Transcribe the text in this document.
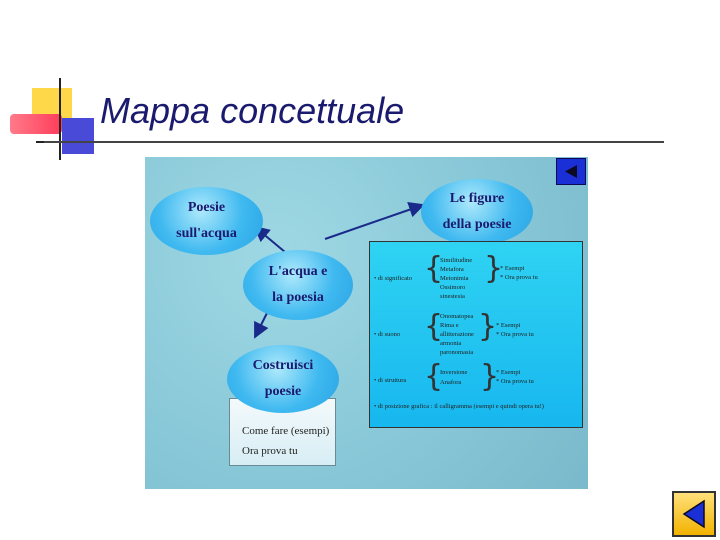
Mappa concettuale
Poesie
sull'acqua
Le figure
della poesie
L'acqua e
la poesia
Come fare (esempi)
Ora prova tu
Costruisci
poesie
• di significato {
Similitudine
Metafora
Metonimia
Ossimoro
sinestesia
}
* Esempi
* Ora prova tu
• di suono {
Onomatopea
Rima e
allitterazione
armonia
paronomasia
}
* Esempi
* Ora prova tu
• di struttura {
Inversione
Anafora }
* Esempi
* Ora prova tu
• di posizione grafica : il calligramma (esempi e quindi opera tu!)
